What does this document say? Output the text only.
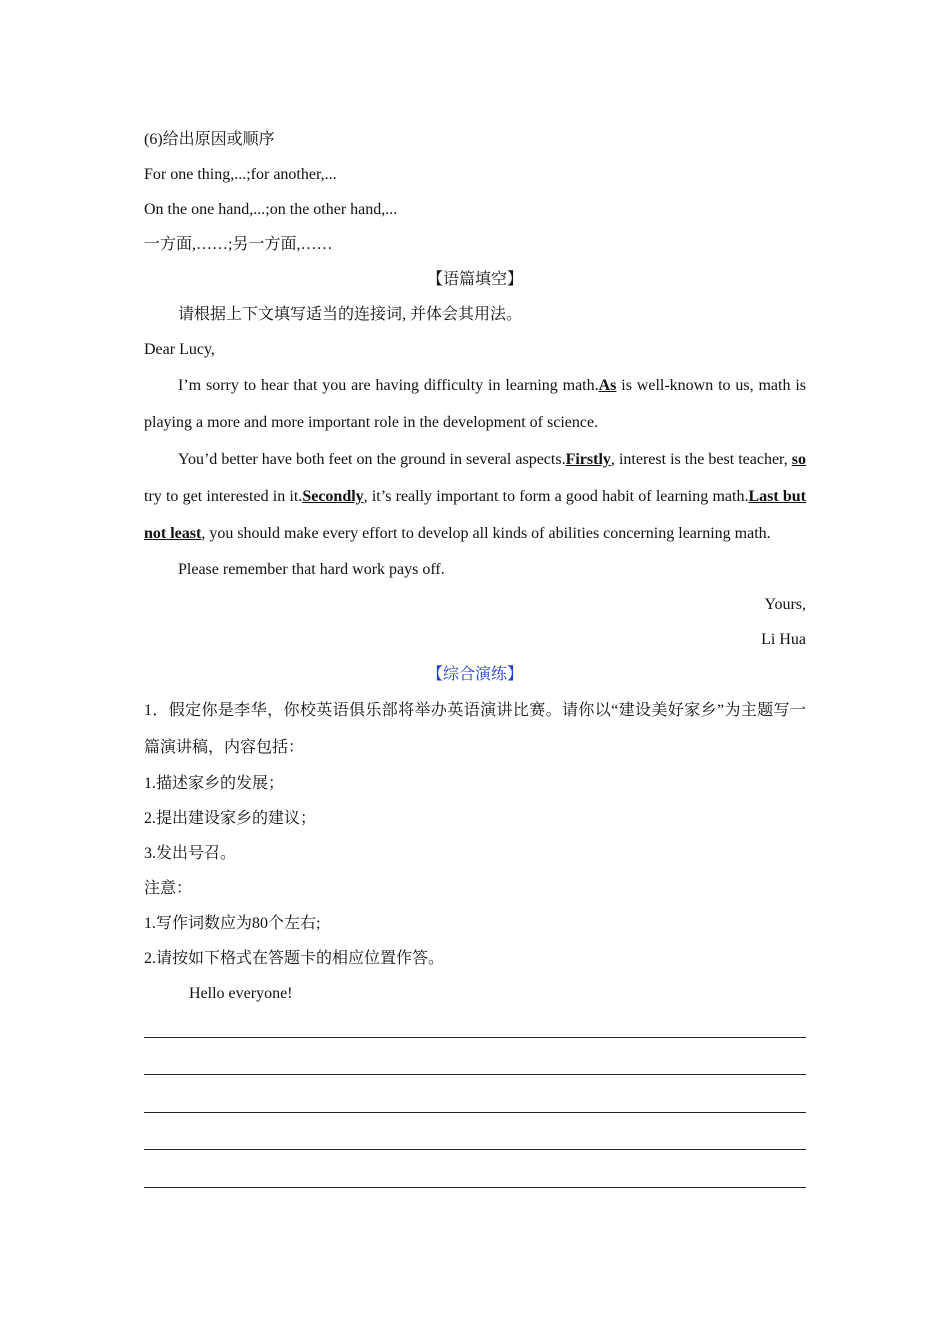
(6)给出原因或顺序
For one thing,...;for another,...
On the one hand,...;on the other hand,...
一方面,……;另一方面,……
【语篇填空】
请根据上下文填写适当的连接词, 并体会其用法。
Dear Lucy,
I’m sorry to hear that you are having difficulty in learning math.As is well-known to us, math is playing a more and more important role in the development of science.
You’d better have both feet on the ground in several aspects.Firstly, interest is the best teacher, so try to get interested in it.Secondly, it’s really important to form a good habit of learning math.Last but not least, you should make every effort to develop all kinds of abilities concerning learning math.
Please remember that hard work pays off.
Yours,
Li Hua
【综合演练】
1．假定你是李华，你校英语俱乐部将举办英语演讲比赛。请你以“建设美好家乡”为主题写一篇演讲稿，内容包括：
1.描述家乡的发展；
2.提出建设家乡的建议；
3.发出号召。
注意：
1.写作词数应为80个左右;
2.请按如下格式在答题卡的相应位置作答。
Hello everyone!
